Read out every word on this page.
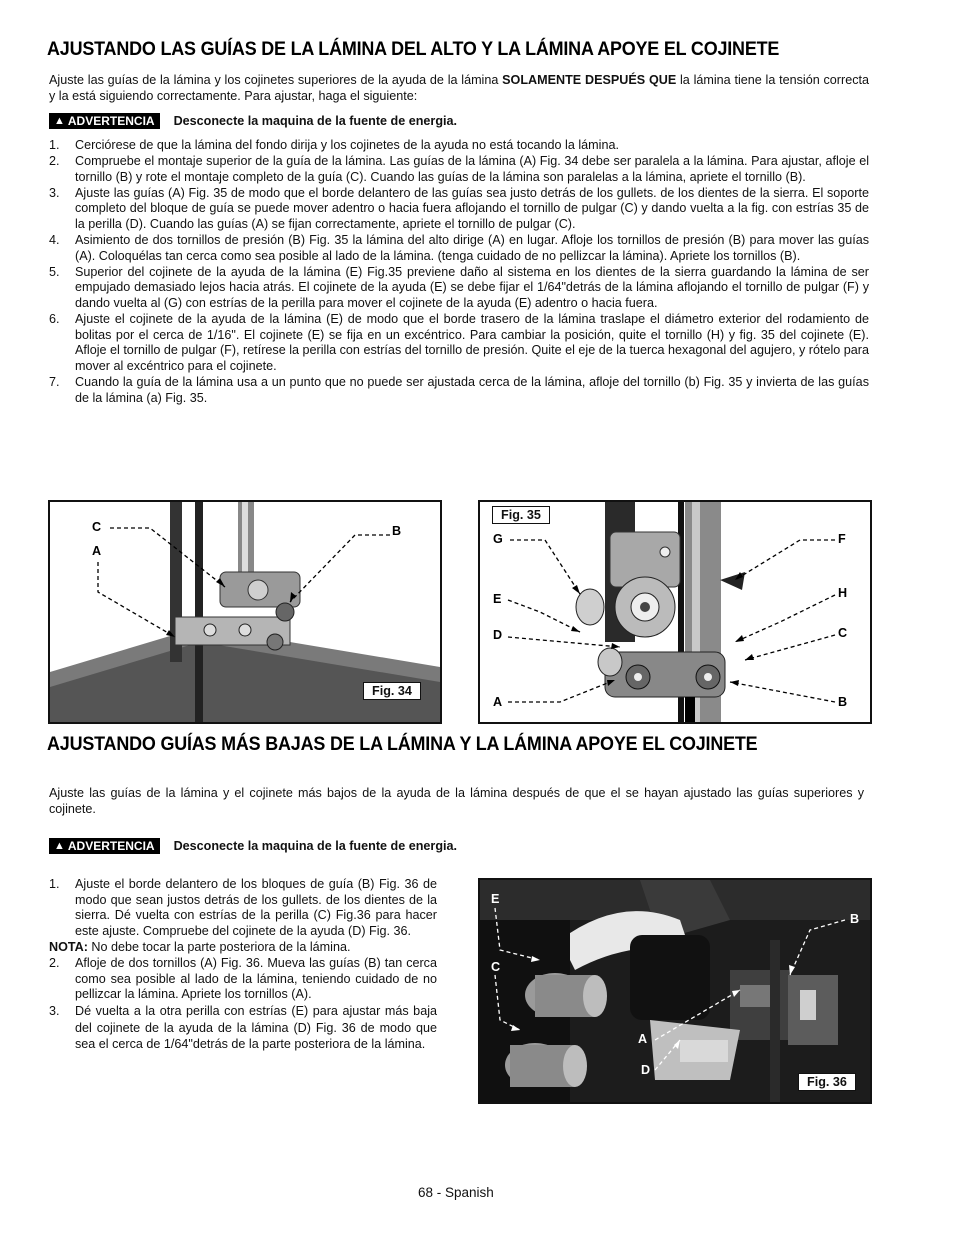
AJUSTANDO LAS GUÍAS DE LA LÁMINA DEL ALTO Y LA LÁMINA APOYE EL COJINETE
Ajuste las guías de la lámina y los cojinetes superiores de la ayuda de la lámina SOLAMENTE DESPUÉS QUE la lámina tiene la tensión correcta y la está siguiendo correctamente. Para ajustar, haga el siguiente:
▲ ADVERTENCIA Desconecte la maquina de la fuente de energia.
1. Cerciórese de que la lámina del fondo dirija y los cojinetes de la ayuda no está tocando la lámina.
2. Compruebe el montaje superior de la guía de la lámina. Las guías de la lámina (A) Fig. 34 debe ser paralela a la lámina. Para ajustar, afloje el tornillo (B) y rote el montaje completo de la guía (C). Cuando las guías de la lámina son paralelas a la lámina, apriete el tornillo (B).
3. Ajuste las guías (A) Fig. 35 de modo que el borde delantero de las guías sea justo detrás de los gullets. de los dientes de la sierra. El soporte completo del bloque de guía se puede mover adentro o hacia fuera aflojando el tornillo de pulgar (C) y dando vuelta a la fig. con estrías 35 de la perilla (D). Cuando las guías (A) se fijan correctamente, apriete el tornillo de pulgar (C).
4. Asimiento de dos tornillos de presión (B) Fig. 35 la lámina del alto dirige (A) en lugar. Afloje los tornillos de presión (B) para mover las guías (A). Coloquélas tan cerca como sea posible al lado de la lámina. (tenga cuidado de no pellizcar la lámina). Apriete los tornillos (B).
5. Superior del cojinete de la ayuda de la lámina (E) Fig.35 previene daño al sistema en los dientes de la sierra guardando la lámina de ser empujado demasiado lejos hacia atrás. El cojinete de la ayuda (E) se debe fijar el 1/64"detrás de la lámina aflojando el tornillo de pulgar (F) y dando vuelta al (G) con estrías de la perilla para mover el cojinete de la ayuda (E) adentro o hacia fuera.
6. Ajuste el cojinete de la ayuda de la lámina (E) de modo que el borde trasero de la lámina traslape el diámetro exterior del rodamiento de bolitas por el cerca de 1/16". El cojinete (E) se fija en un excéntrico. Para cambiar la posición, quite el tornillo (H) y fig. 35 del cojinete (E). Afloje el tornillo de pulgar (F), retírese la perilla con estrías del tornillo de presión. Quite el eje de la tuerca hexagonal del agujero, y rótelo para mover al excéntrico para el cojinete.
7. Cuando la guía de la lámina usa a un punto que no puede ser ajustada cerca de la lámina, afloje del tornillo (b) Fig. 35 y invierta de las guías de la lámina (a) Fig. 35.
C
A
B
Fig. 34
Fig. 35
G
E
D
A
F
H
C
B
AJUSTANDO GUÍAS MÁS BAJAS DE LA LÁMINA Y LA LÁMINA APOYE EL COJINETE
Ajuste las guías de la lámina y el cojinete más bajos de la ayuda de la lámina después de que el se hayan ajustado las guías superiores y cojinete.
▲ ADVERTENCIA Desconecte la maquina de la fuente de energia.
1. Ajuste el borde delantero de los bloques de guía (B) Fig. 36 de modo que sean justos detrás de los gullets. de los dientes de la sierra. Dé vuelta con estrías de la perilla (C) Fig.36 para hacer este ajuste. Compruebe del cojinete de la ayuda (D) Fig. 36.
NOTA: No debe tocar la parte posteriora de la lámina.
2. Afloje de dos tornillos (A) Fig. 36. Mueva las guías (B) tan cerca como sea posible al lado de la lámina, teniendo cuidado de no pellizcar la lámina. Apriete los tornillos (A).
3. Dé vuelta a la otra perilla con estrías (E) para ajustar más baja del cojinete de la ayuda de la lámina (D) Fig. 36 de modo que sea el cerca de 1/64"detrás de la parte posteriora de la lámina.
E
C
B
A
D
Fig. 36
68 - Spanish
